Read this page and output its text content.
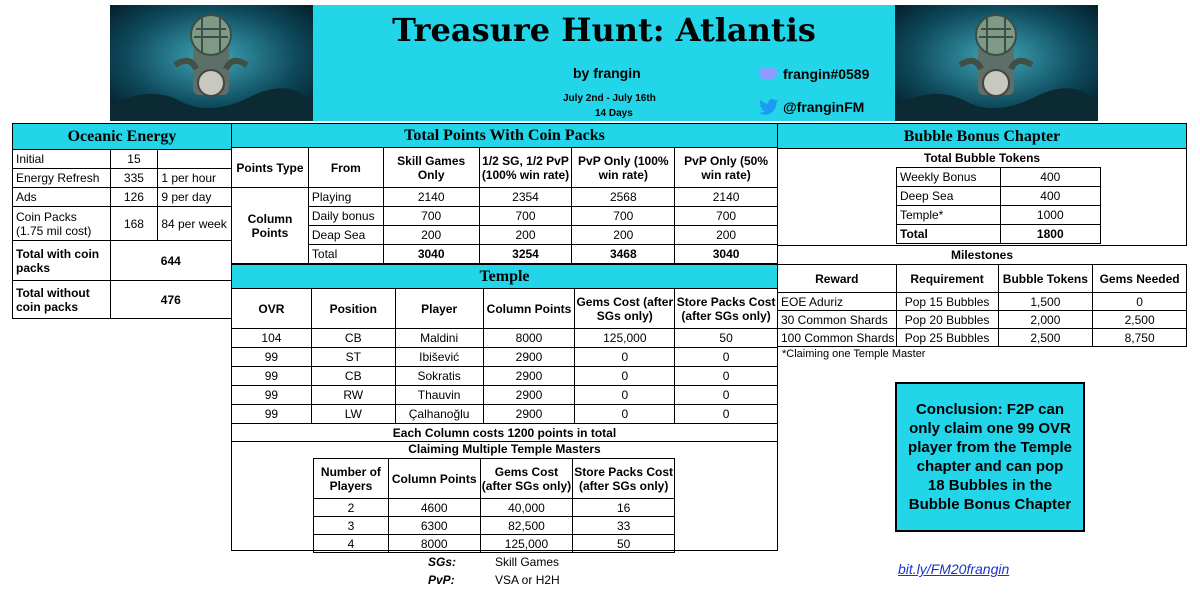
Treasure Hunt: Atlantis
by frangin
July 2nd - July 16th
14 Days
frangin#0589
@franginFM
Oceanic Energy		
Initial	15	
Energy Refresh	335	1 per hour
Ads	126	9 per day
Coin Packs
(1.75 mil cost)	168	84 per week
Total with coin packs	644	
Total without coin packs	476	
Total Points With Coin Packs					
Points Type	From	Skill Games Only	1/2 SG, 1/2 PvP (100% win rate)	PvP Only (100% win rate)	PvP Only (50% win rate)
Column Points	Playing	2140	2354	2568	2140
	Daily bonus	700	700	700	700
	Deap Sea	200	200	200	200
	Total	3040	3254	3468	3040
Temple					
OVR	Position	Player	Column Points	Gems Cost (after SGs only)	Store Packs Cost (after SGs only)
104	CB	Maldini	8000	125,000	50
99	ST	Ibišević	2900	0	0
99	CB	Sokratis	2900	0	0
99	RW	Thauvin	2900	0	0
99	LW	Çalhanoğlu	2900	0	0
Each Column costs 1200 points in total					
Claiming Multiple Temple Masters
Number of Players	Column Points	Gems Cost (after SGs only)	Store Packs Cost (after SGs only)
2	4600	40,000	16
3	6300	82,500	33
4	8000	125,000	50
SGs:	Skill Games
PvP:	VSA or H2H
Bubble Bonus Chapter
Total Bubble Tokens
Weekly Bonus	400
Deep Sea	400
Temple*	1000
Total	1800
Milestones
Reward	Requirement	Bubble Tokens	Gems Needed
EOE Aduriz	Pop 15 Bubbles	1,500	0
30 Common Shards	Pop 20 Bubbles	2,000	2,500
100 Common Shards	Pop 25 Bubbles	2,500	8,750
*Claiming one Temple Master
Conclusion: F2P can only claim one 99 OVR player from the Temple chapter and can pop 18 Bubbles in the Bubble Bonus Chapter
bit.ly/FM20frangin
